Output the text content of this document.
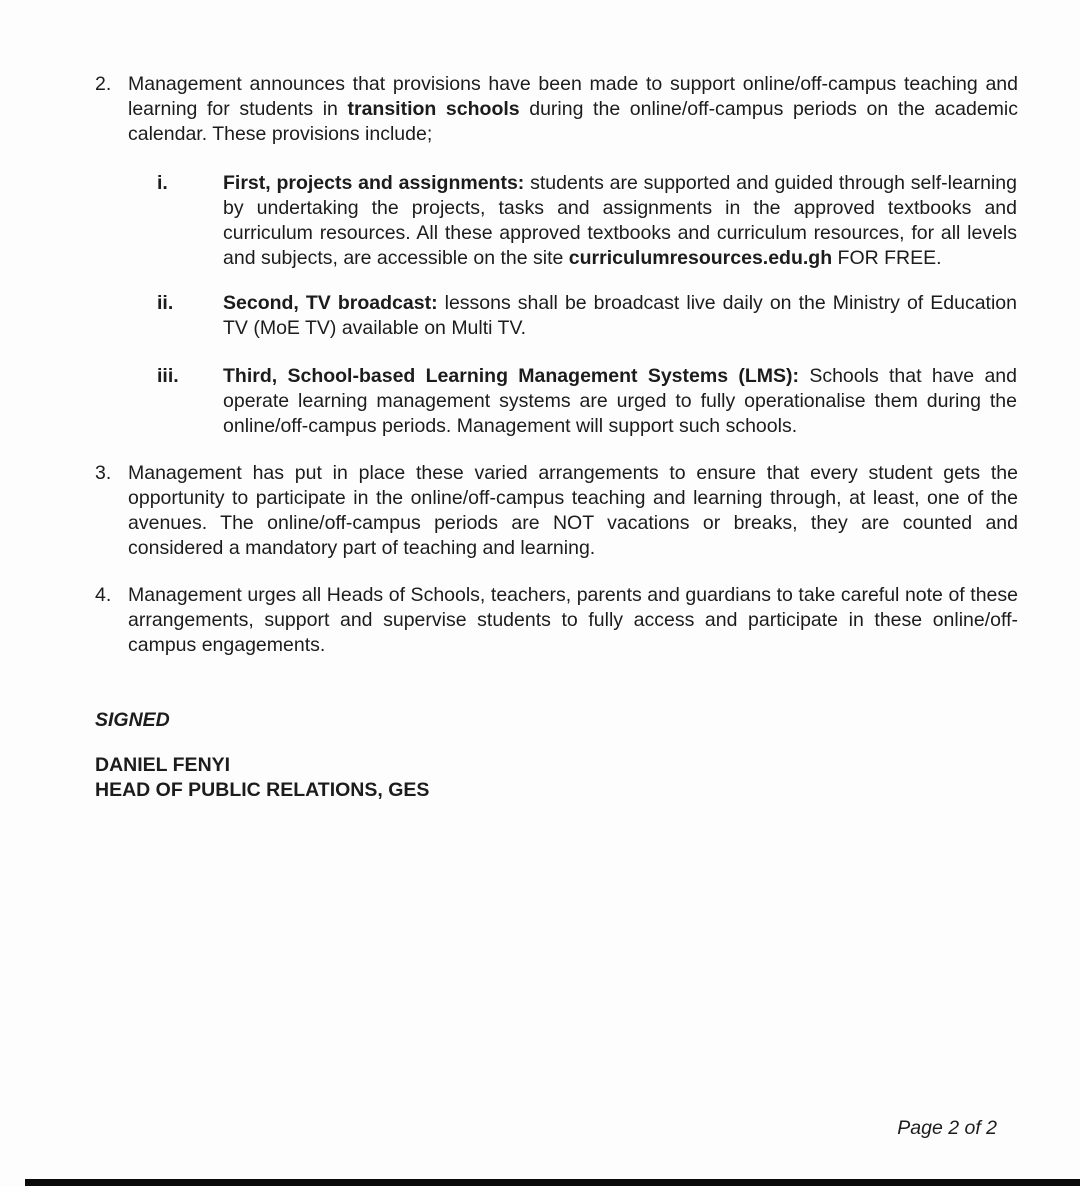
2. Management announces that provisions have been made to support online/off-campus teaching and learning for students in transition schools during the online/off-campus periods on the academic calendar. These provisions include;

i.	First, projects and assignments: students are supported and guided through self-learning by undertaking the projects, tasks and assignments in the approved textbooks and curriculum resources. All these approved textbooks and curriculum resources, for all levels and subjects, are accessible on the site curriculumresources.edu.gh FOR FREE.

ii.	Second, TV broadcast: lessons shall be broadcast live daily on the Ministry of Education TV (MoE TV) available on Multi TV.

iii.	Third, School-based Learning Management Systems (LMS): Schools that have and operate learning management systems are urged to fully operationalise them during the online/off-campus periods. Management will support such schools.

3. Management has put in place these varied arrangements to ensure that every student gets the opportunity to participate in the online/off-campus teaching and learning through, at least, one of the avenues. The online/off-campus periods are NOT vacations or breaks, they are counted and considered a mandatory part of teaching and learning.

4. Management urges all Heads of Schools, teachers, parents and guardians to take careful note of these arrangements, support and supervise students to fully access and participate in these online/off-campus engagements.

SIGNED
DANIEL FENYI
HEAD OF PUBLIC RELATIONS, GES
Page 2 of 2
